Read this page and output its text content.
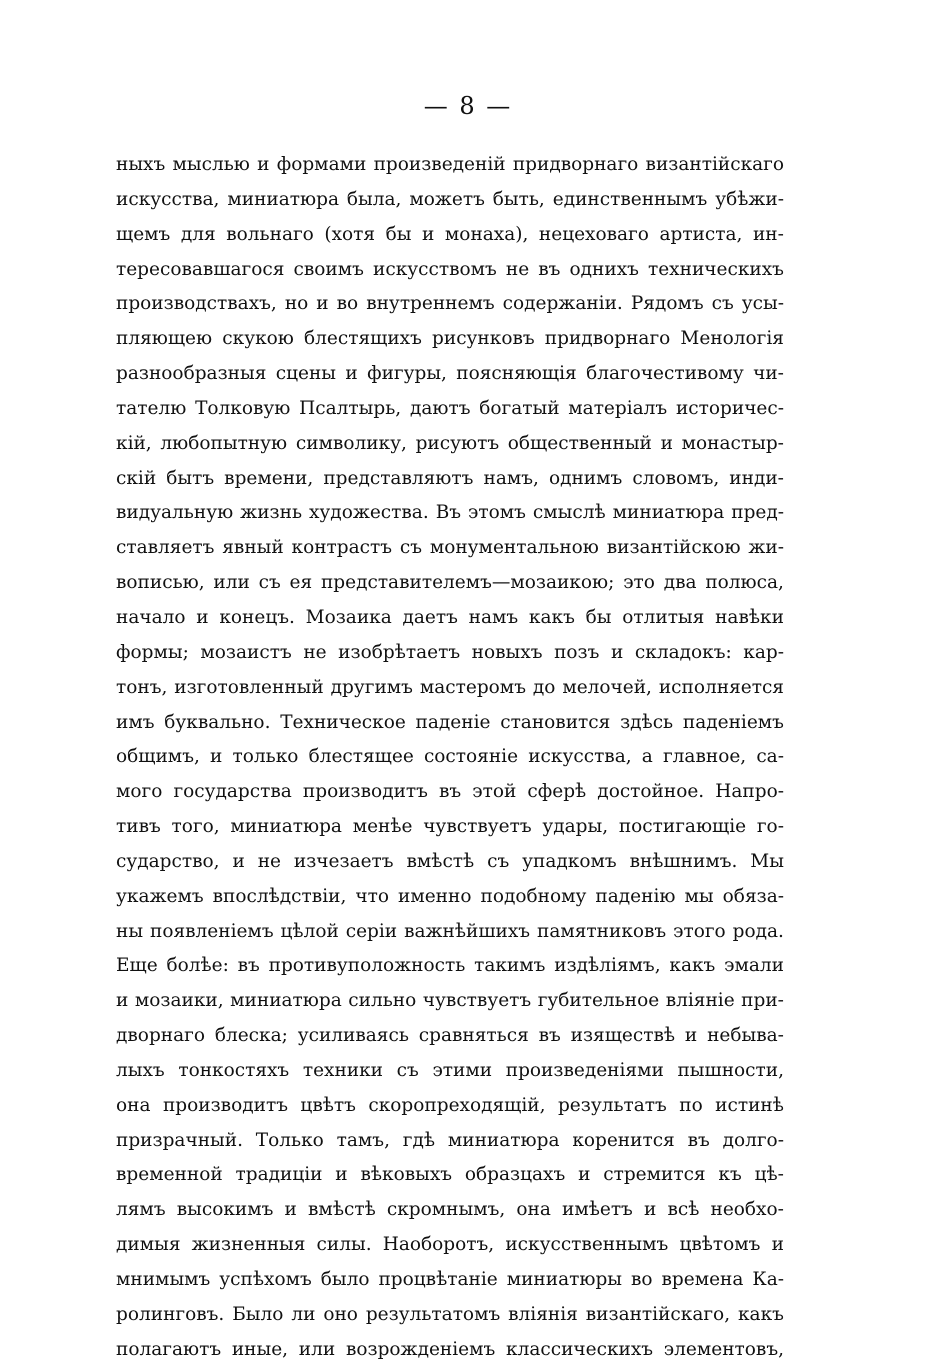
— 8 —
ныхъ мыслью и формами произведенiй придворнаго византiйскаго
искусства, миниатюра была, можетъ быть, единственнымъ убѣжи-
щемъ для вольнаго (хотя бы и монаха), нецеховаго артиста, ин-
тересовавшагося своимъ искусствомъ не въ однихъ техническихъ
производствахъ, но и во внутреннемъ содержанiи. Рядомъ съ усы-
пляющею скукою блестящихъ рисунковъ придворнаго Менологiя
разнообразныя сцены и фигуры, поясняющiя благочестивому чи-
тателю Толковую Псалтырь, даютъ богатый матерiалъ историчес-
кiй, любопытную символику, рисуютъ общественный и монастыр-
скiй бытъ времени, представляютъ намъ, однимъ словомъ, инди-
видуальную жизнь художества. Въ этомъ смыслѣ миниатюра пред-
ставляетъ явный контрастъ съ монументальною византiйскою жи-
вописью, или съ ея представителемъ—мозаикою; это два полюса,
начало и конецъ. Мозаика даетъ намъ какъ бы отлитыя навѣки
формы; мозаистъ не изобрѣтаетъ новыхъ позъ и складокъ: кар-
тонъ, изготовленный другимъ мастеромъ до мелочей, исполняется
имъ буквально. Техническое паденiе становится здѣсь паденiемъ
общимъ, и только блестящее состоянiе искусства, а главное, са-
мого государства производитъ въ этой сферѣ достойное. Напро-
тивъ того, миниатюра менѣе чувствуетъ удары, постигающiе го-
сударство, и не изчезаетъ вмѣстѣ съ упадкомъ внѣшнимъ. Мы
укажемъ впослѣдствiи, что именно подобному паденiю мы обяза-
ны появленiемъ цѣлой серiи важнѣйшихъ памятниковъ этого рода.
Еще болѣе: въ противуположность такимъ издѣлiямъ, какъ эмали
и мозаики, миниатюра сильно чувствуетъ губительное влiянiе при-
дворнаго блеска; усиливаясь сравняться въ изяществѣ и небыва-
лыхъ тонкостяхъ техники съ этими произведенiями пышности,
она производитъ цвѣтъ скоропреходящiй, результатъ по истинѣ
призрачный. Только тамъ, гдѣ миниатюра коренится въ долго-
временной традицiи и вѣковыхъ образцахъ и стремится къ цѣ-
лямъ высокимъ и вмѣстѣ скромнымъ, она имѣетъ и всѣ необхо-
димыя жизненныя силы. Наоборотъ, искусственнымъ цвѣтомъ и
мнимымъ успѣхомъ было процвѣтанiе миниатюры во времена Ка-
ролинговъ. Было ли оно результатомъ влiянiя византiйскаго, какъ
полагаютъ иные, или возрожденiемъ классическихъ элементовъ,
